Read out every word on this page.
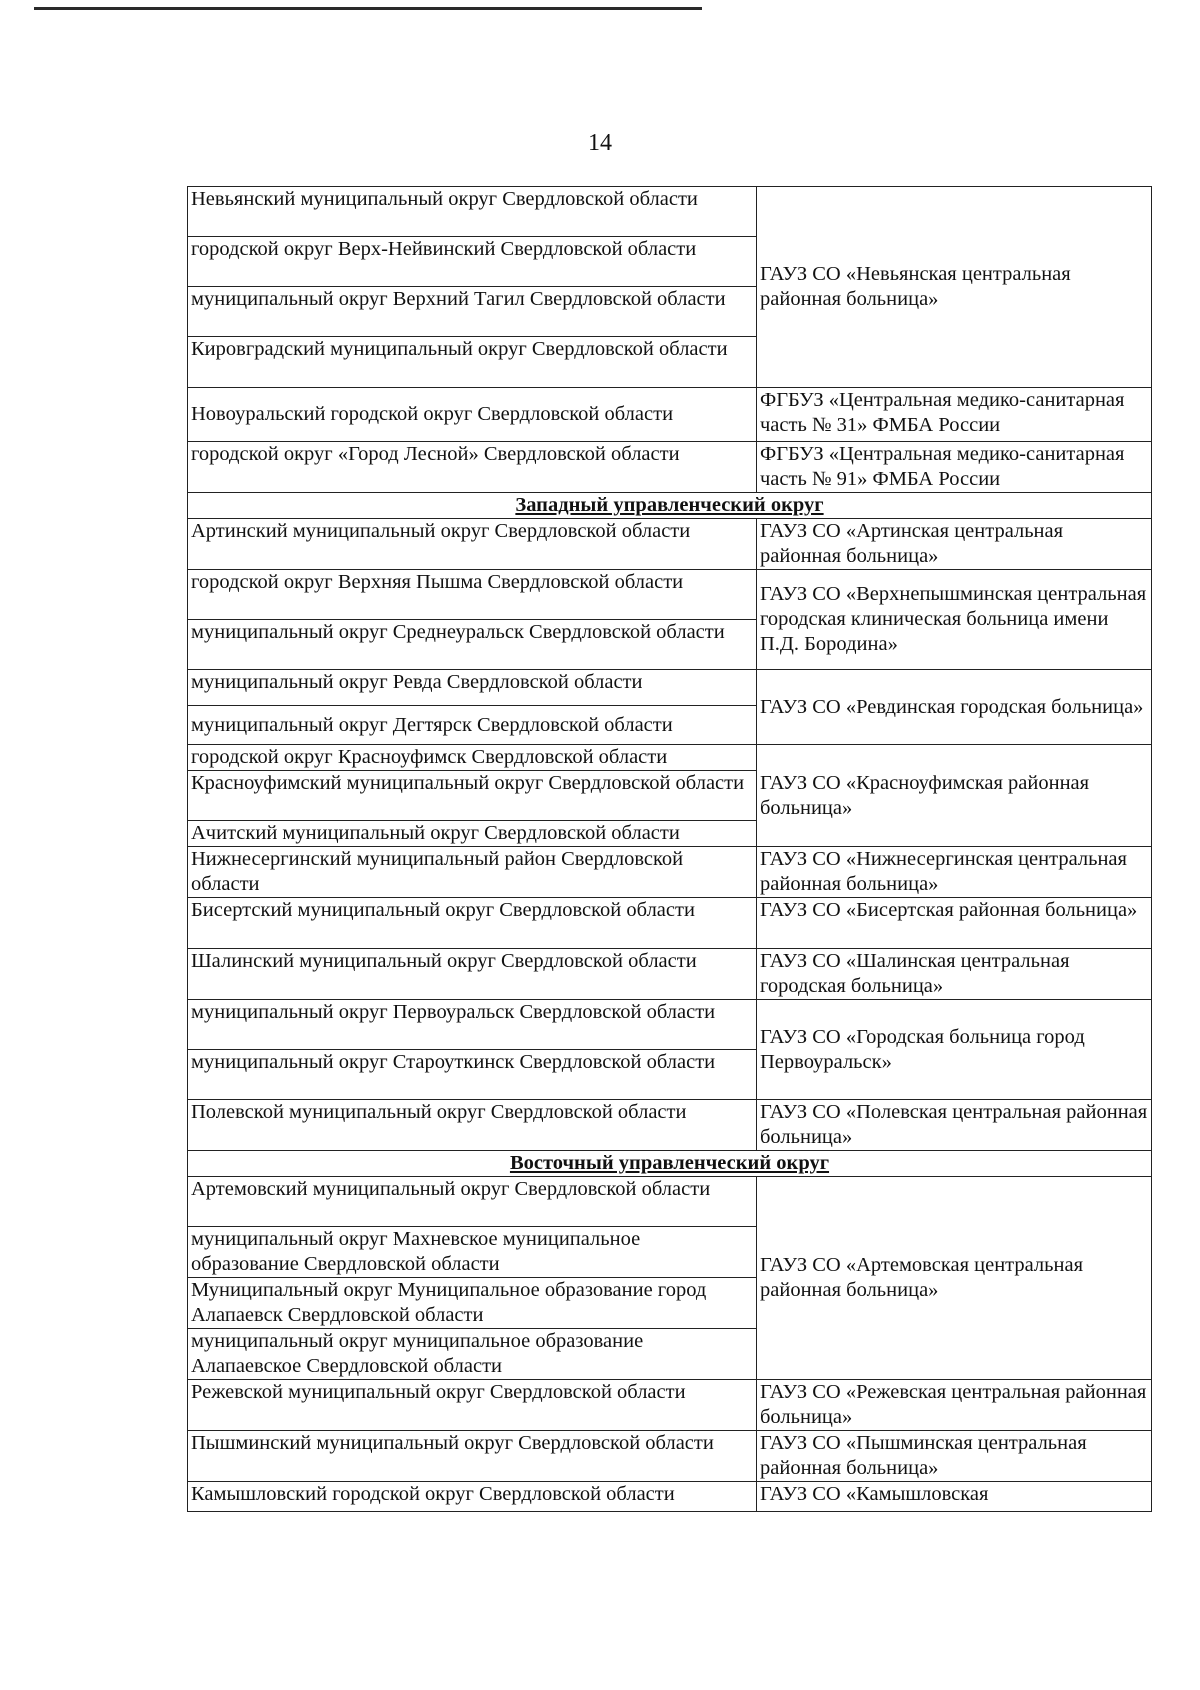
14
Невьянский муниципальный округ Свердловской области	ГАУЗ СО «Невьянская центральная районная больница»
городской округ Верх-Нейвинский Свердловской области	
муниципальный округ Верхний Тагил Свердловской области	
Кировградский муниципальный округ Свердловской области	
Новоуральский городской округ Свердловской области	ФГБУЗ «Центральная медико-санитарная часть № 31» ФМБА России
городской округ «Город Лесной» Свердловской области	ФГБУЗ «Центральная медико-санитарная часть № 91» ФМБА России
Западный управленческий округ	
Артинский муниципальный округ Свердловской области	ГАУЗ СО «Артинская центральная районная больница»
городской округ Верхняя Пышма Свердловской области	ГАУЗ СО «Верхнепышминская центральная городская клиническая больница имени П.Д. Бородина»
муниципальный округ Среднеуральск Свердловской области	
муниципальный округ Ревда Свердловской области	ГАУЗ СО «Ревдинская городская больница»
муниципальный округ Дегтярск Свердловской области	
городской округ Красноуфимск Свердловской области	ГАУЗ СО «Красноуфимская районная больница»
Красноуфимский муниципальный округ Свердловской области	
Ачитский муниципальный округ Свердловской области	
Нижнесергинский муниципальный район Свердловской области	ГАУЗ СО «Нижнесергинская центральная районная больница»
Бисертский муниципальный округ Свердловской области	ГАУЗ СО «Бисертская районная больница»
Шалинский муниципальный округ Свердловской области	ГАУЗ СО «Шалинская центральная городская больница»
муниципальный округ Первоуральск Свердловской области	ГАУЗ СО «Городская больница город Первоуральск»
муниципальный округ Староуткинск Свердловской области	
Полевской муниципальный округ Свердловской области	ГАУЗ СО «Полевская центральная районная больница»
Восточный управленческий округ	
Артемовский муниципальный округ Свердловской области	ГАУЗ СО «Артемовская центральная районная больница»
муниципальный округ Махневское муниципальное образование Свердловской области	
Муниципальный округ Муниципальное образование город Алапаевск Свердловской области	
муниципальный округ муниципальное образование Алапаевское Свердловской области	
Режевской муниципальный округ Свердловской области	ГАУЗ СО «Режевская центральная районная больница»
Пышминский муниципальный округ Свердловской области	ГАУЗ СО «Пышминская центральная районная больница»
Камышловский городской округ Свердловской области	ГАУЗ СО «Камышловская
